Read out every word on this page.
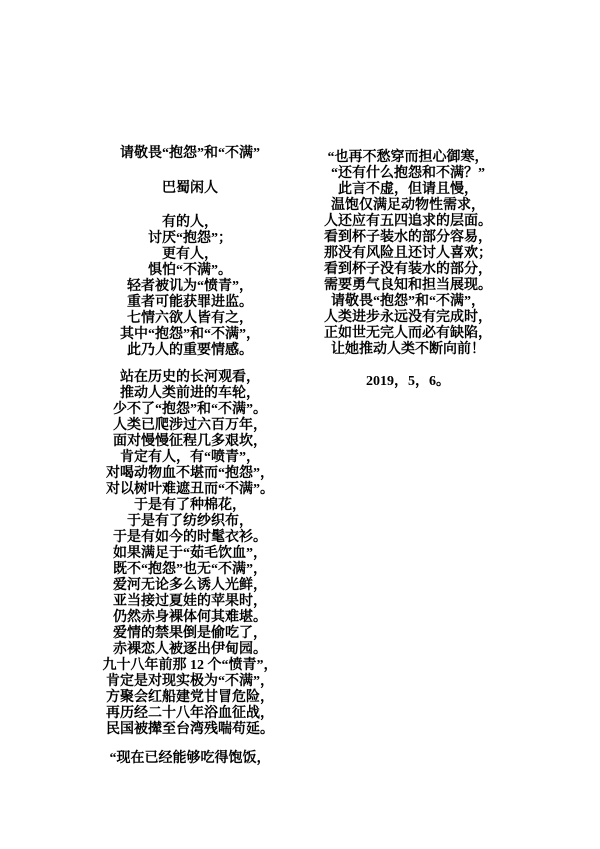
请敬畏“抱怨”和“不满”
巴蜀闲人
有的人，
讨厌“抱怨”；
更有人，
惧怕“不满”。
轻者被讥为“愤青”，
重者可能获罪进监。
七情六欲人皆有之，
其中“抱怨”和“不满”，
此乃人的重要情感。
站在历史的长河观看，
推动人类前进的车轮，
少不了“抱怨”和“不满”。
人类已爬涉过六百万年，
面对慢慢征程几多艰坎，
肯定有人，有“喷青”，
对喝动物血不堪而“抱怨”，
对以树叶难遮丑而“不满”。
于是有了种棉花，
于是有了纺纱织布，
于是有如今的时髦衣衫。
如果满足于“茹毛饮血”，
既不“抱怨”也无“不满”，
爱河无论多么诱人光鲜，
亚当接过夏娃的苹果时，
仍然赤身裸体何其难堪。
爱情的禁果倒是偷吃了，
赤裸恋人被逐出伊甸园。
九十八年前那 12 个“愤青”，
肯定是对现实极为“不满”，
方聚会红船建党甘冒危险，
再历经二十八年浴血征战，
民国被撵至台湾残喘苟延。
“现在已经能够吃得饱饭，
“也再不愁穿而担心御寒，
“还有什么抱怨和不满？”
此言不虚，但请且慢，
温饱仅满足动物性需求，
人还应有五四追求的层面。
看到杯子装水的部分容易，
那没有风险且还讨人喜欢；
看到杯子没有装水的部分，
需要勇气良知和担当展现。
请敬畏“抱怨”和“不满”，
人类进步永远没有完成时，
正如世无完人而必有缺陷，
让她推动人类不断向前！
2019，5，6。
